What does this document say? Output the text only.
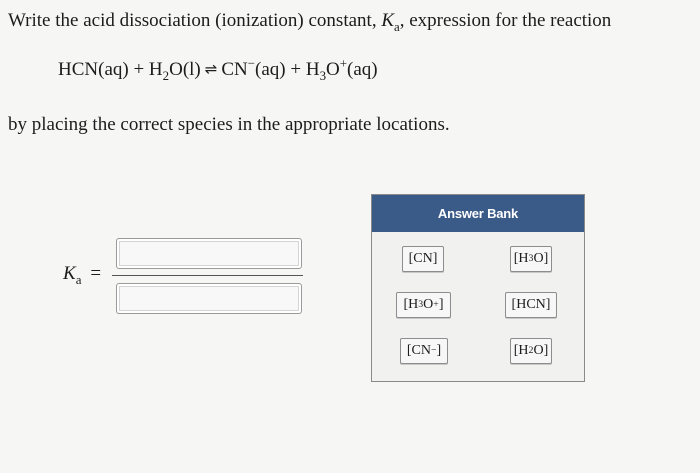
Write the acid dissociation (ionization) constant, $K_a$, expression for the reaction
$HCN(aq) + H_2O(l)$ ⇌ $CN^-(aq) + H_3O^+(aq)$
by placing the correct species in the appropriate locations.
$K_a$ =
Answer Bank
[CN]	[H 3 O]
[H 3 O + ]	[HCN]
[CN − ]	[H 2 O]
